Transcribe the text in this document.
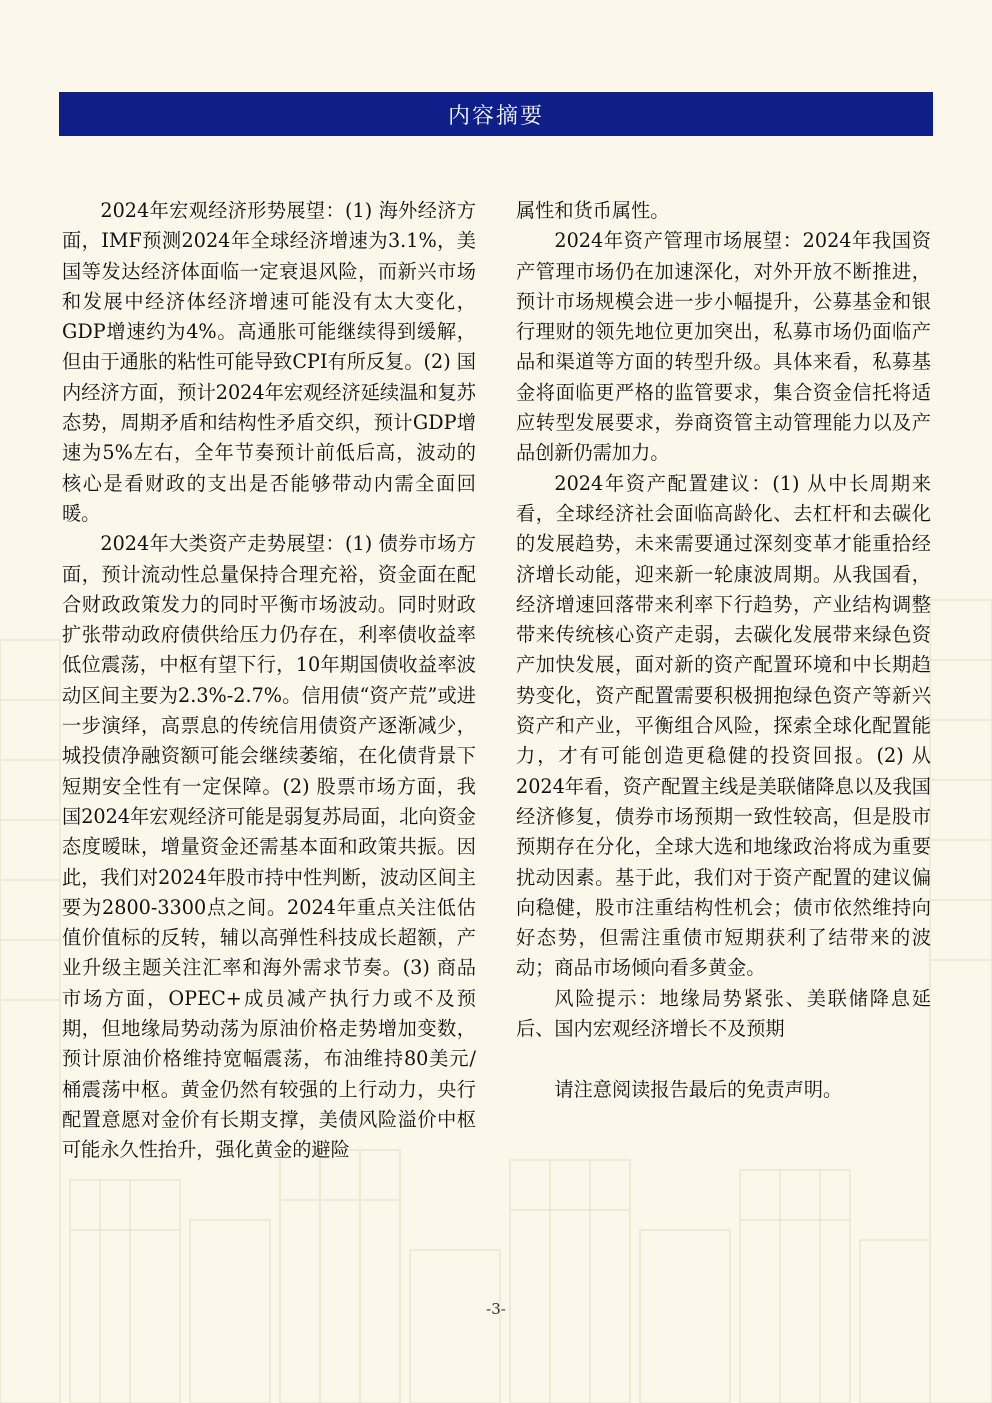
内容摘要

2024年宏观经济形势展望：(1) 海外经济方面，IMF预测2024年全球经济增速为3.1%，美国等发达经济体面临一定衰退风险，而新兴市场和发展中经济体经济增速可能没有太大变化，GDP增速约为4%。高通胀可能继续得到缓解，但由于通胀的粘性可能导致CPI有所反复。(2) 国内经济方面，预计2024年宏观经济延续温和复苏态势，周期矛盾和结构性矛盾交织，预计GDP增速为5%左右，全年节奏预计前低后高，波动的核心是看财政的支出是否能够带动内需全面回暖。

2024年大类资产走势展望：(1) 债券市场方面，预计流动性总量保持合理充裕，资金面在配合财政政策发力的同时平衡市场波动。同时财政扩张带动政府债供给压力仍存在，利率债收益率低位震荡，中枢有望下行，10年期国债收益率波动区间主要为2.3%-2.7%。信用债“资产荒”或进一步演绎，高票息的传统信用债资产逐渐减少，城投债净融资额可能会继续萎缩，在化债背景下短期安全性有一定保障。(2) 股票市场方面，我国2024年宏观经济可能是弱复苏局面，北向资金态度暧昧，增量资金还需基本面和政策共振。因此，我们对2024年股市持中性判断，波动区间主要为2800-3300点之间。2024年重点关注低估值价值标的反转，辅以高弹性科技成长超额，产业升级主题关注汇率和海外需求节奏。(3) 商品市场方面，OPEC+成员减产执行力或不及预期，但地缘局势动荡为原油价格走势增加变数，预计原油价格维持宽幅震荡，布油维持80美元/桶震荡中枢。黄金仍然有较强的上行动力，央行配置意愿对金价有长期支撑，美债风险溢价中枢可能永久性抬升，强化黄金的避险

属性和货币属性。

2024年资产管理市场展望：2024年我国资产管理市场仍在加速深化，对外开放不断推进，预计市场规模会进一步小幅提升，公募基金和银行理财的领先地位更加突出，私募市场仍面临产品和渠道等方面的转型升级。具体来看，私募基金将面临更严格的监管要求，集合资金信托将适应转型发展要求，券商资管主动管理能力以及产品创新仍需加力。

2024年资产配置建议：(1) 从中长周期来看，全球经济社会面临高龄化、去杠杆和去碳化的发展趋势，未来需要通过深刻变革才能重拾经济增长动能，迎来新一轮康波周期。从我国看，经济增速回落带来利率下行趋势，产业结构调整带来传统核心资产走弱，去碳化发展带来绿色资产加快发展，面对新的资产配置环境和中长期趋势变化，资产配置需要积极拥抱绿色资产等新兴资产和产业，平衡组合风险，探索全球化配置能力，才有可能创造更稳健的投资回报。(2) 从2024年看，资产配置主线是美联储降息以及我国经济修复，债券市场预期一致性较高，但是股市预期存在分化，全球大选和地缘政治将成为重要扰动因素。基于此，我们对于资产配置的建议偏向稳健，股市注重结构性机会；债市依然维持向好态势，但需注重债市短期获利了结带来的波动；商品市场倾向看多黄金。

风险提示：地缘局势紧张、美联储降息延后、国内宏观经济增长不及预期

请注意阅读报告最后的免责声明。

-3-
